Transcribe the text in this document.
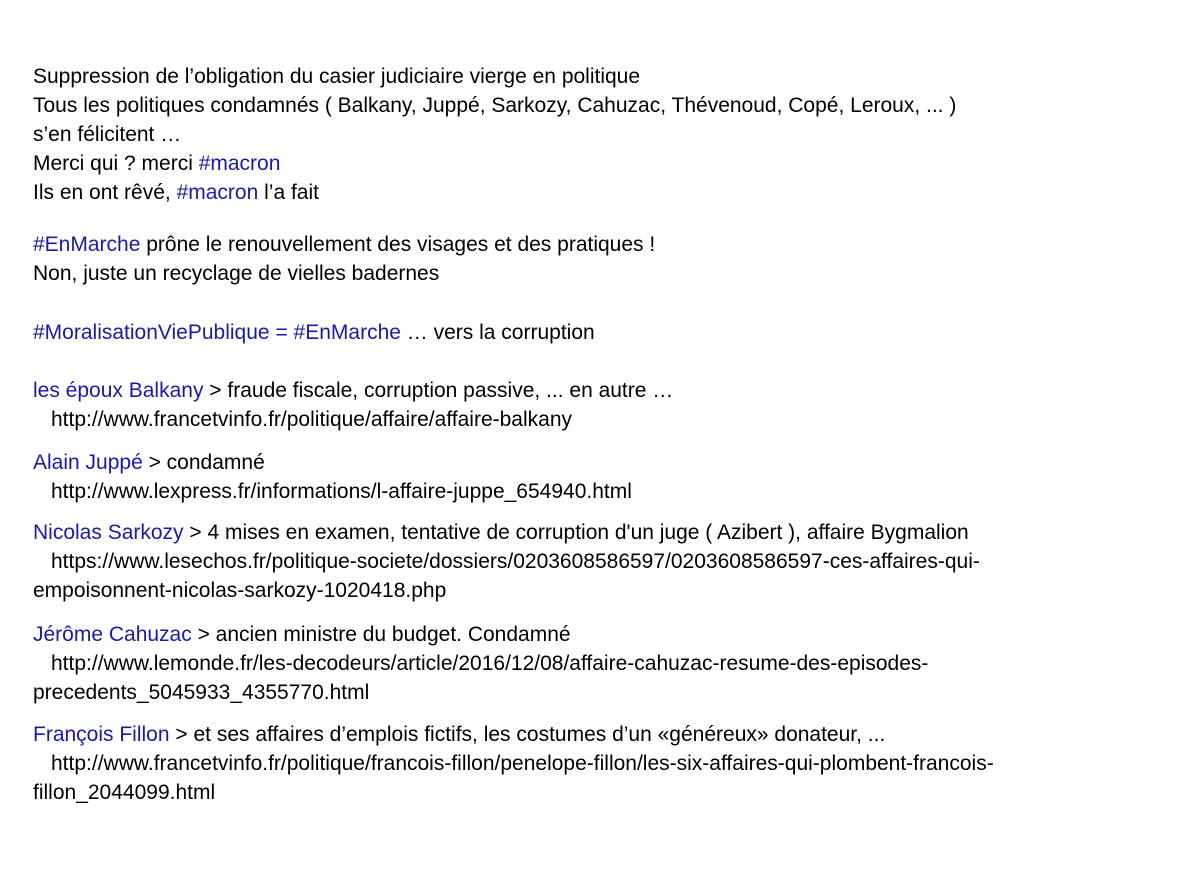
Suppression de l’obligation du casier judiciaire vierge en politique
Tous les politiques condamnés ( Balkany, Juppé, Sarkozy, Cahuzac, Thévenoud, Copé, Leroux, ... )
s’en félicitent …
Merci qui ? merci #macron
Ils en ont rêvé, #macron l’a fait
#EnMarche prône le renouvellement des visages et des pratiques !
Non, juste un recyclage de vielles badernes
#MoralisationViePublique = #EnMarche … vers la corruption
les époux Balkany > fraude fiscale, corruption passive, ... en autre …
http://www.francetvinfo.fr/politique/affaire/affaire-balkany
Alain Juppé > condamné
http://www.lexpress.fr/informations/l-affaire-juppe_654940.html
Nicolas Sarkozy > 4 mises en examen, tentative de corruption d'un juge ( Azibert ), affaire Bygmalion
https://www.lesechos.fr/politique-societe/dossiers/0203608586597/0203608586597-ces-affaires-qui-
empoisonnent-nicolas-sarkozy-1020418.php
Jérôme Cahuzac > ancien ministre du budget. Condamné
http://www.lemonde.fr/les-decodeurs/article/2016/12/08/affaire-cahuzac-resume-des-episodes-
precedents_5045933_4355770.html
François Fillon > et ses affaires d’emplois fictifs, les costumes d’un «généreux» donateur, ...
http://www.francetvinfo.fr/politique/francois-fillon/penelope-fillon/les-six-affaires-qui-plombent-francois-
fillon_2044099.html
